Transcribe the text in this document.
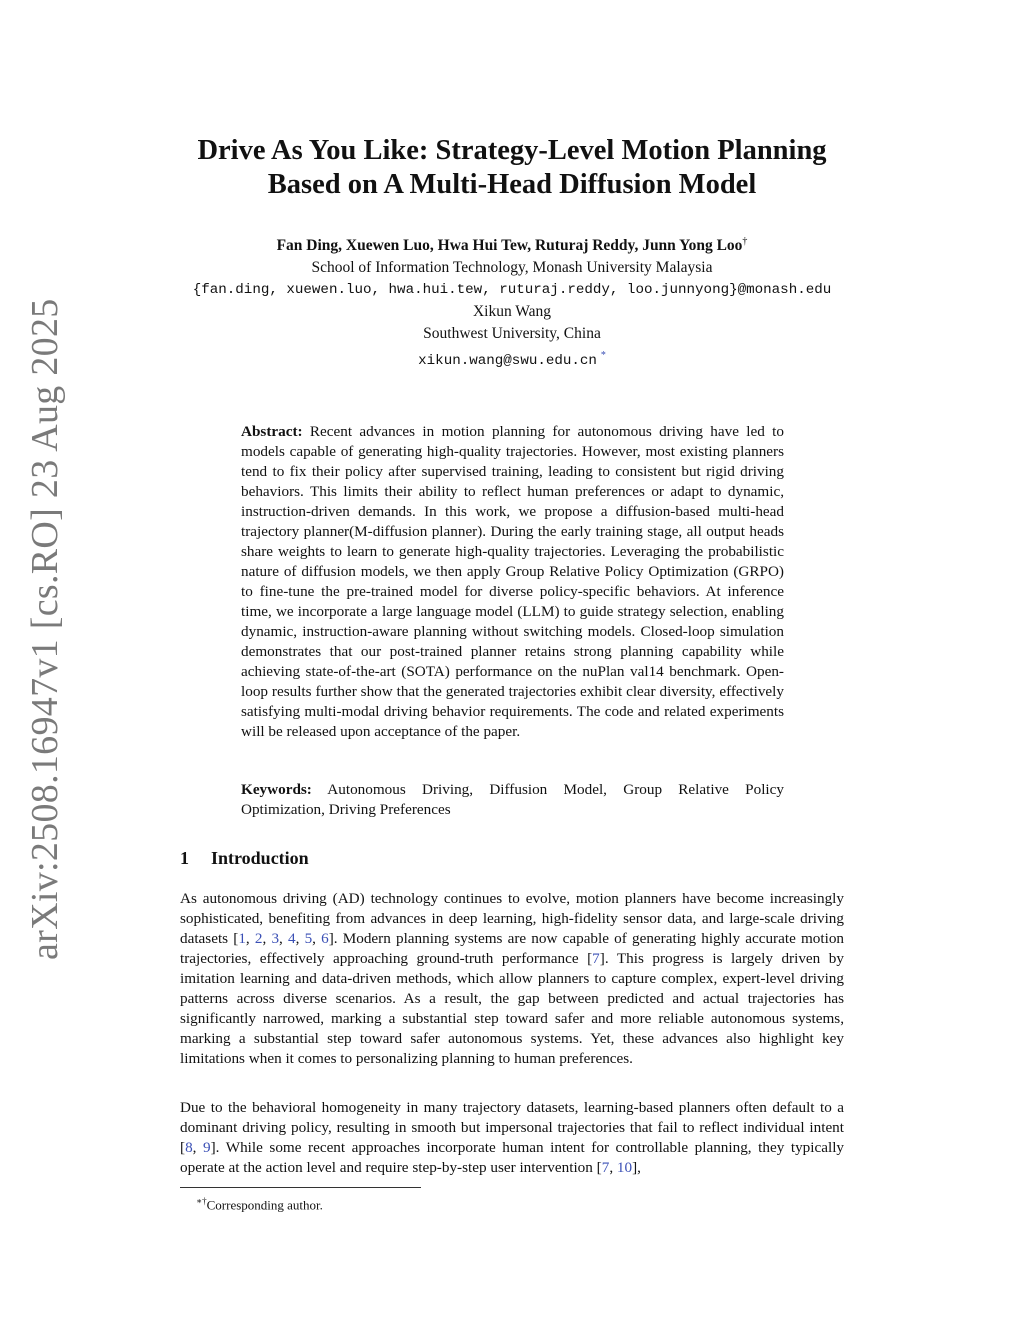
arXiv:2508.16947v1 [cs.RO] 23 Aug 2025
Drive As You Like: Strategy-Level Motion Planning
Based on A Multi-Head Diffusion Model
Fan Ding, Xuewen Luo, Hwa Hui Tew, Ruturaj Reddy, Junn Yong Loo†
School of Information Technology, Monash University Malaysia
{fan.ding, xuewen.luo, hwa.hui.tew, ruturaj.reddy, loo.junnyong}@monash.edu
Xikun Wang
Southwest University, China
xikun.wang@swu.edu.cn *
Abstract: Recent advances in motion planning for autonomous driving have led to models capable of generating high-quality trajectories. However, most existing planners tend to fix their policy after supervised training, leading to consistent but rigid driving behaviors. This limits their ability to reflect human preferences or adapt to dynamic, instruction-driven demands. In this work, we propose a diffusion-based multi-head trajectory planner(M-diffusion planner). During the early training stage, all output heads share weights to learn to generate high-quality trajectories. Leveraging the probabilistic nature of diffusion models, we then apply Group Relative Policy Optimization (GRPO) to fine-tune the pre-trained model for diverse policy-specific behaviors. At inference time, we incorporate a large language model (LLM) to guide strategy selection, enabling dynamic, instruction-aware planning without switching models. Closed-loop simulation demonstrates that our post-trained planner retains strong planning capability while achieving state-of-the-art (SOTA) performance on the nuPlan val14 benchmark. Open-loop results further show that the generated trajectories exhibit clear diversity, effectively satisfying multi-modal driving behavior requirements. The code and related experiments will be released upon acceptance of the paper.
Keywords: Autonomous Driving, Diffusion Model, Group Relative Policy Optimization, Driving Preferences
1 Introduction

As autonomous driving (AD) technology continues to evolve, motion planners have become increasingly sophisticated, benefiting from advances in deep learning, high-fidelity sensor data, and large-scale driving datasets [1, 2, 3, 4, 5, 6]. Modern planning systems are now capable of generating highly accurate motion trajectories, effectively approaching ground-truth performance [7]. This progress is largely driven by imitation learning and data-driven methods, which allow planners to capture complex, expert-level driving patterns across diverse scenarios. As a result, the gap between predicted and actual trajectories has significantly narrowed, marking a substantial step toward safer and more reliable autonomous systems, marking a substantial step toward safer autonomous systems. Yet, these advances also highlight key limitations when it comes to personalizing planning to human preferences.

Due to the behavioral homogeneity in many trajectory datasets, learning-based planners often default to a dominant driving policy, resulting in smooth but impersonal trajectories that fail to reflect individual intent [8, 9]. While some recent approaches incorporate human intent for controllable planning, they typically operate at the action level and require step-by-step user intervention [7, 10],

∗†Corresponding author.
